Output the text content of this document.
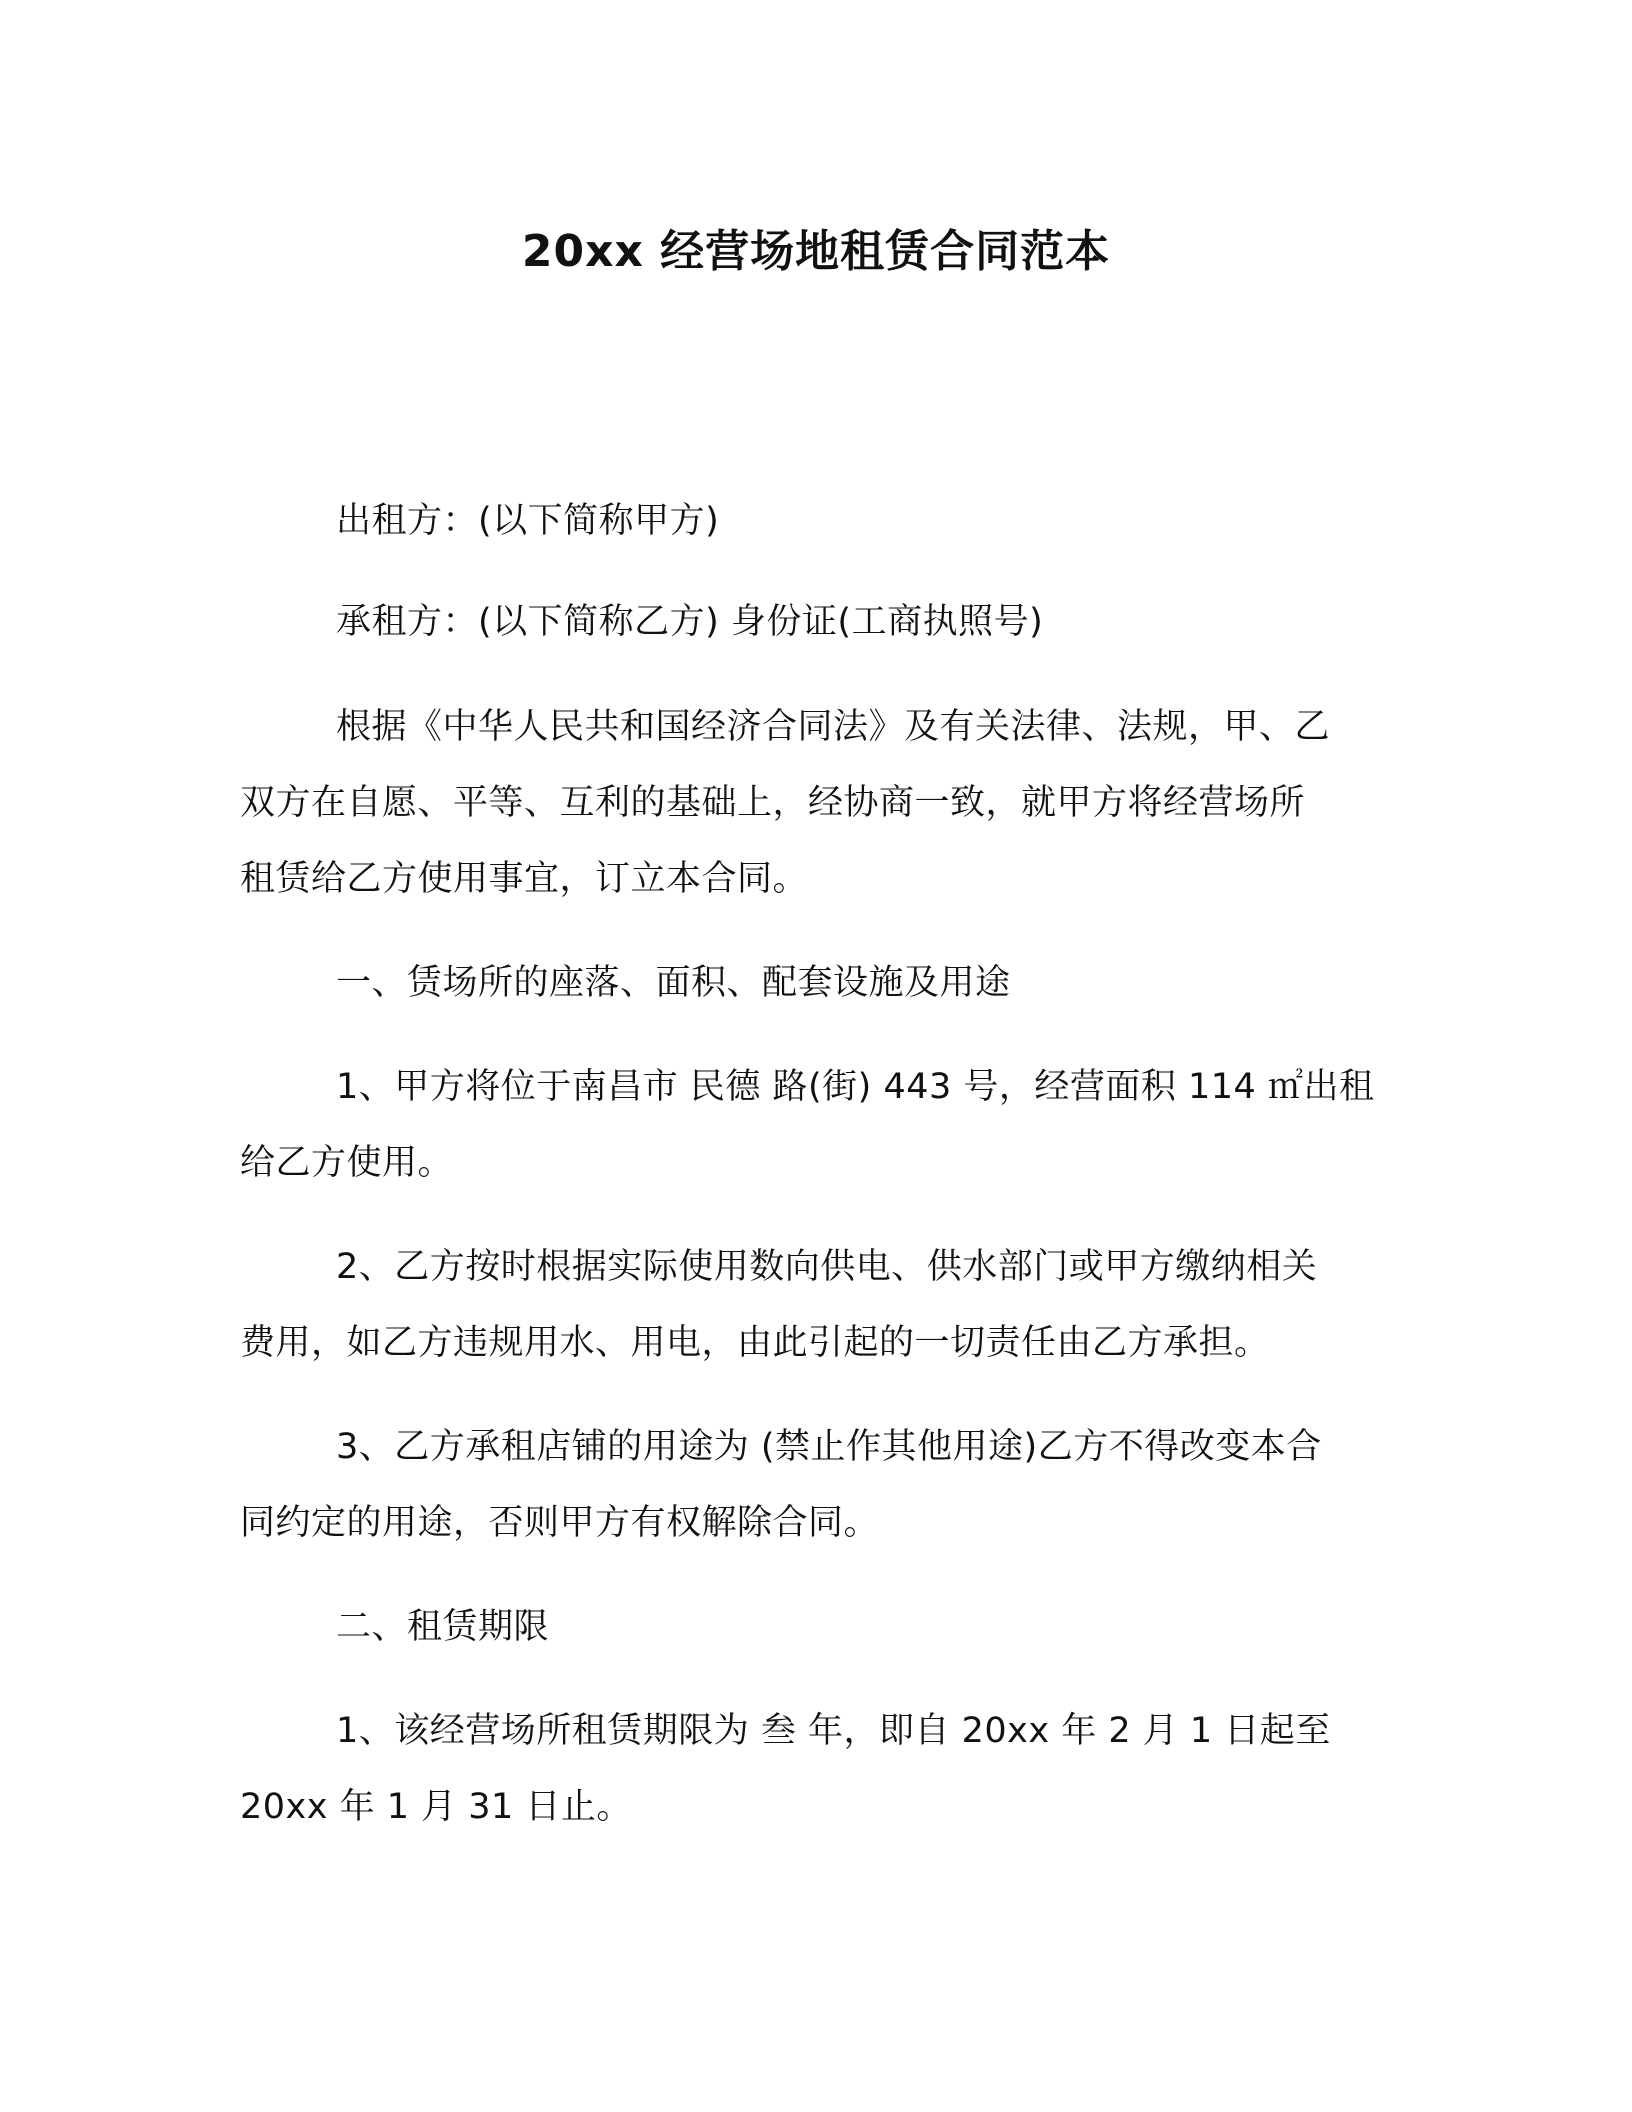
20xx 经营场地租赁合同范本

出租方：(以下简称甲方)

承租方：(以下简称乙方) 身份证(工商执照号)

根据《中华人民共和国经济合同法》及有关法律、法规，甲、乙

双方在自愿、平等、互利的基础上，经协商一致，就甲方将经营场所

租赁给乙方使用事宜，订立本合同。

一、赁场所的座落、面积、配套设施及用途

1、甲方将位于南昌市 民德 路(街) 443 号，经营面积 114 ㎡出租

给乙方使用。

2、乙方按时根据实际使用数向供电、供水部门或甲方缴纳相关

费用，如乙方违规用水、用电，由此引起的一切责任由乙方承担。

3、乙方承租店铺的用途为 (禁止作其他用途)乙方不得改变本合

同约定的用途，否则甲方有权解除合同。

二、租赁期限

1、该经营场所租赁期限为 叁 年，即自 20xx 年 2 月 1 日起至

20xx 年 1 月 31 日止。
